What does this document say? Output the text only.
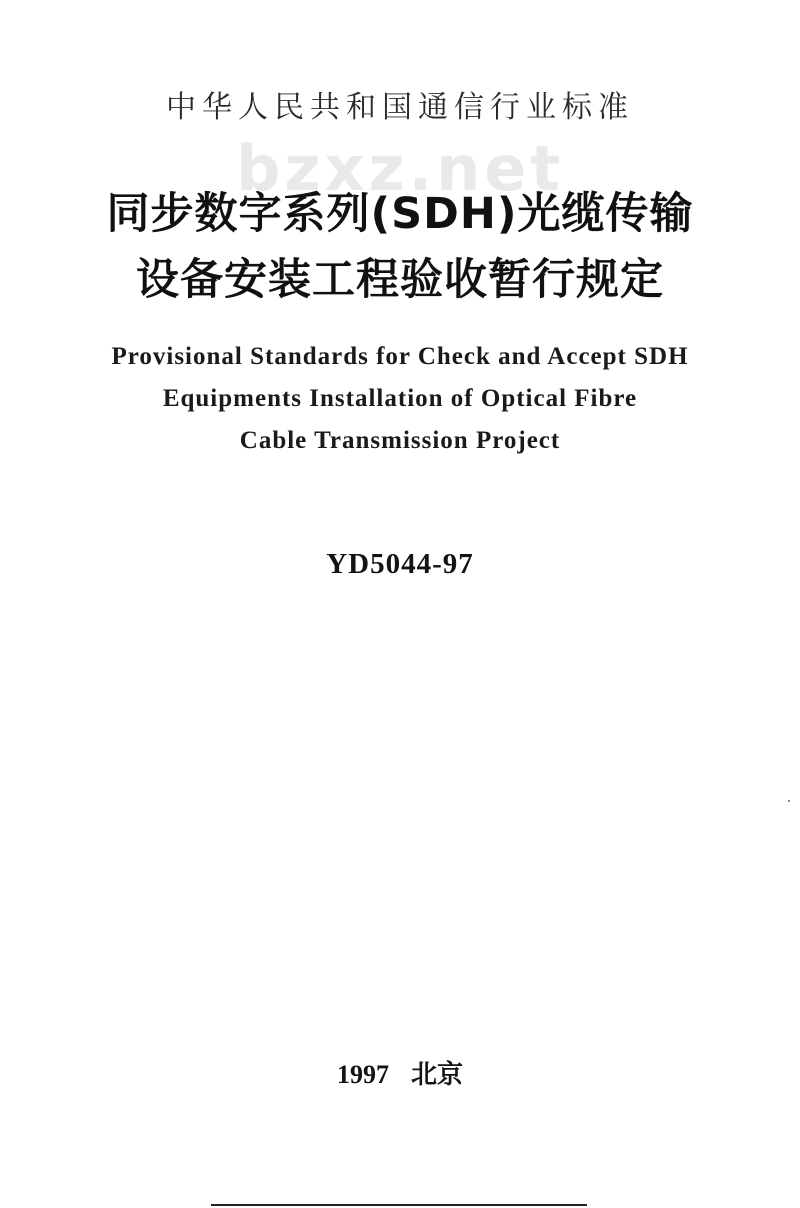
bzxz.net
中华人民共和国通信行业标准
同步数字系列(SDH)光缆传输
设备安装工程验收暂行规定
Provisional Standards for Check and Accept SDH
Equipments Installation of Optical Fibre
Cable Transmission Project
YD5044-97
1997 北京
